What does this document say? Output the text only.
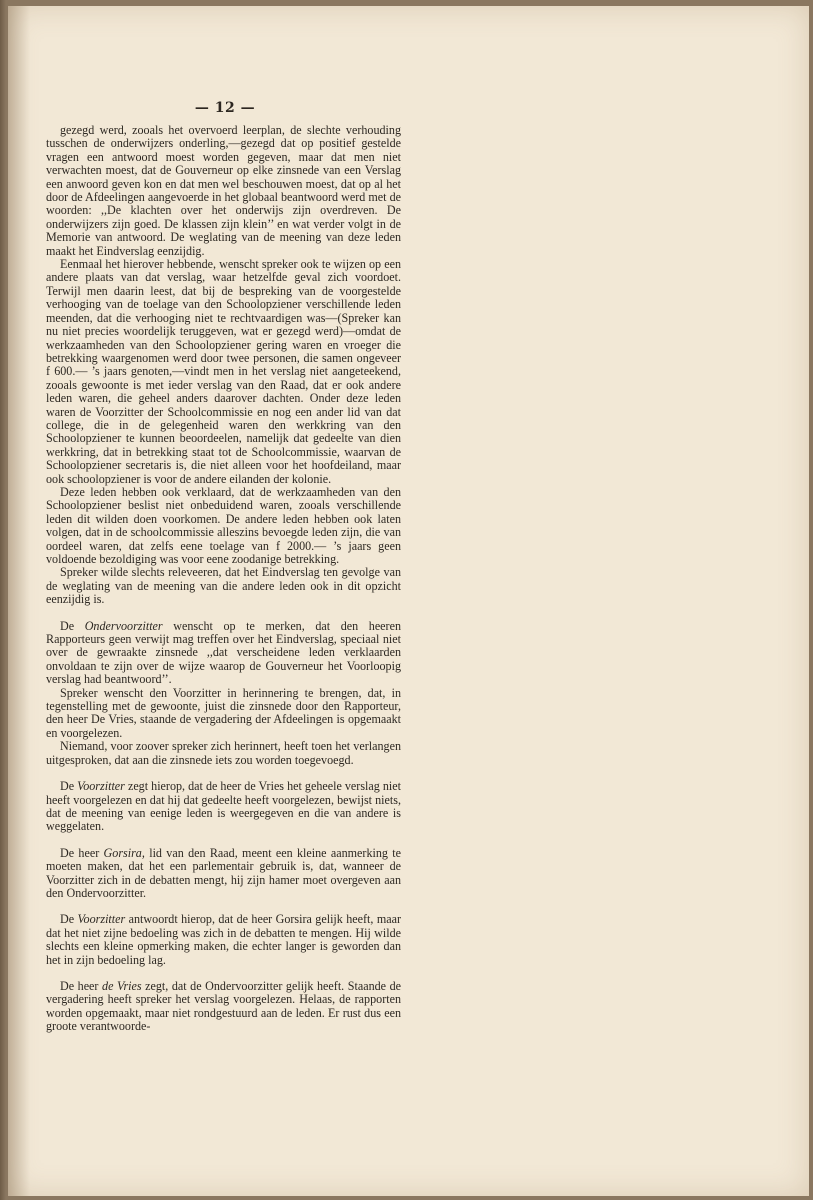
— 12 —

gezegd werd, zooals het overvoerd leerplan, de slechte verhouding tusschen de onderwijzers onderling,—gezegd dat op positief gestelde vragen een antwoord moest worden gegeven, maar dat men niet verwachten moest, dat de Gouverneur op elke zinsnede van een Verslag een anwoord geven kon en dat men wel beschouwen moest, dat op al het door de Afdeelingen aangevoerde in het globaal beantwoord werd met de woorden: ,,De klachten over het onderwijs zijn overdreven. De onderwijzers zijn goed. De klassen zijn klein’’ en wat verder volgt in de Memorie van antwoord. De weglating van de meening van deze leden maakt het Eindverslag eenzijdig.

Eenmaal het hierover hebbende, wenscht spreker ook te wijzen op een andere plaats van dat verslag, waar hetzelfde geval zich voordoet. Terwijl men daarin leest, dat bij de bespreking van de voorgestelde verhooging van de toelage van den Schoolopziener verschillende leden meenden, dat die verhooging niet te rechtvaardigen was—(Spreker kan nu niet precies woordelijk teruggeven, wat er gezegd werd)—omdat de werkzaamheden van den Schoolopziener gering waren en vroeger die betrekking waargenomen werd door twee personen, die samen ongeveer f 600.— ’s jaars genoten,—vindt men in het verslag niet aangeteekend, zooals gewoonte is met ieder verslag van den Raad, dat er ook andere leden waren, die geheel anders daarover dachten. Onder deze leden waren de Voorzitter der Schoolcommissie en nog een ander lid van dat college, die in de gelegenheid waren den werkkring van den Schoolopziener te kunnen beoordeelen, namelijk dat gedeelte van dien werkkring, dat in betrekking staat tot de Schoolcommissie, waarvan de Schoolopziener secretaris is, die niet alleen voor het hoofdeiland, maar ook schoolopziener is voor de andere eilanden der kolonie.

Deze leden hebben ook verklaard, dat de werkzaamheden van den Schoolopziener beslist niet onbeduidend waren, zooals verschillende leden dit wilden doen voorkomen. De andere leden hebben ook laten volgen, dat in de schoolcommissie alleszins bevoegde leden zijn, die van oordeel waren, dat zelfs eene toelage van f 2000.— ’s jaars geen voldoende bezoldiging was voor eene zoodanige betrekking.

Spreker wilde slechts releveeren, dat het Eindverslag ten gevolge van de weglating van de meening van die andere leden ook in dit opzicht eenzijdig is.

De Ondervoorzitter wenscht op te merken, dat den heeren Rapporteurs geen verwijt mag treffen over het Eindverslag, speciaal niet over de gewraakte zinsnede ,,dat verscheidene leden verklaarden onvoldaan te zijn over de wijze waarop de Gouverneur het Voorloopig verslag had beantwoord’’.

Spreker wenscht den Voorzitter in herinnering te brengen, dat, in tegenstelling met de gewoonte, juist die zinsnede door den Rapporteur, den heer De Vries, staande de vergadering der Afdeelingen is opgemaakt en voorgelezen.

Niemand, voor zoover spreker zich herinnert, heeft toen het verlangen uitgesproken, dat aan die zinsnede iets zou worden toegevoegd.

De Voorzitter zegt hierop, dat de heer de Vries het geheele verslag niet heeft voorgelezen en dat hij dat gedeelte heeft voorgelezen, bewijst niets, dat de meening van eenige leden is weergegeven en die van andere is weggelaten.

De heer Gorsira, lid van den Raad, meent een kleine aanmerking te moeten maken, dat het een parlementair gebruik is, dat, wanneer de Voorzitter zich in de debatten mengt, hij zijn hamer moet overgeven aan den Ondervoorzitter.

De Voorzitter antwoordt hierop, dat de heer Gorsira gelijk heeft, maar dat het niet zijne bedoeling was zich in de debatten te mengen. Hij wilde slechts een kleine opmerking maken, die echter langer is geworden dan het in zijn bedoeling lag.

De heer de Vries zegt, dat de Ondervoorzitter gelijk heeft. Staande de vergadering heeft spreker het verslag voorgelezen. Helaas, de rapporten worden opgemaakt, maar niet rondgestuurd aan de leden. Er rust dus een groote verantwoorde-
